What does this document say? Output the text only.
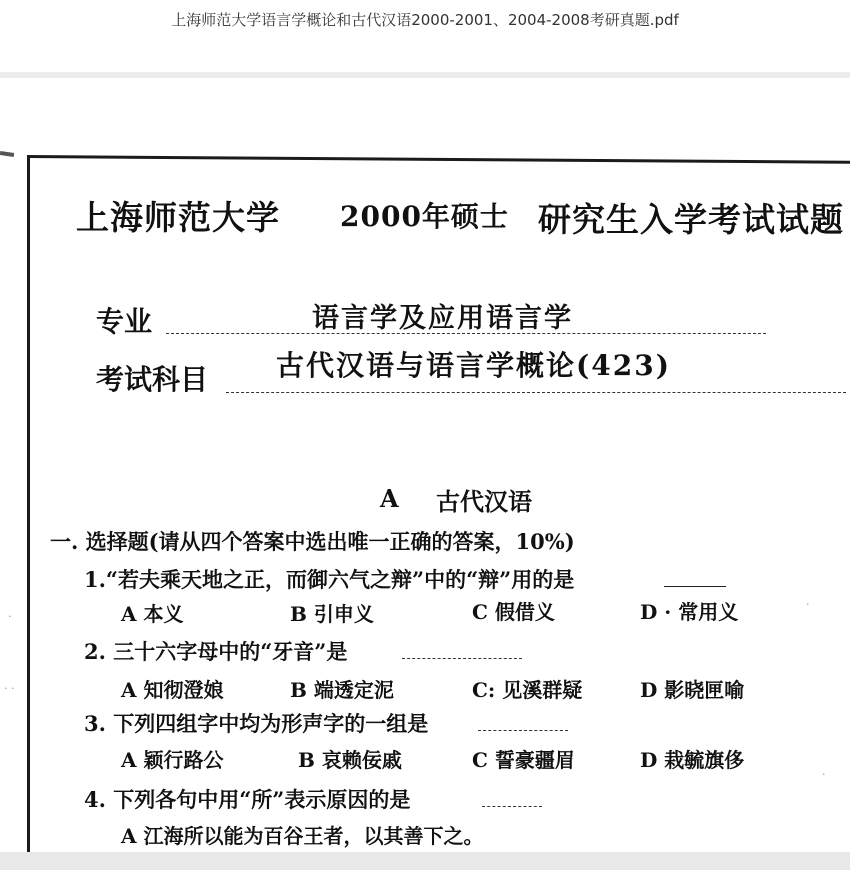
上海师范大学语言学概论和古代汉语2000-2001、2004-2008考研真题.pdf
上海师范大学 2000年硕士 研究生入学考试试题
专业	语言学及应用语言学
考试科目 古代汉语与语言学概论(423)
A 古代汉语
一. 选择题(请从四个答案中选出唯一正确的答案，10%)
1.“若夫乘天地之正，而御六气之辩”中的“辩”用的是
A 本义	B 引申义	C 假借义	D · 常用义
2. 三十六字母中的“牙音”是
A 知彻澄娘	B 端透定泥	C: 见溪群疑	D 影晓匣喻
3. 下列四组字中均为形声字的一组是
A 颖行路公	B 哀赖佞戚	C 誓豪疆眉	D 栽毓旗侈
4. 下列各句中用“所”表示原因的是
A 江海所以能为百谷王者，以其善下之。
· ·
·
·
·
